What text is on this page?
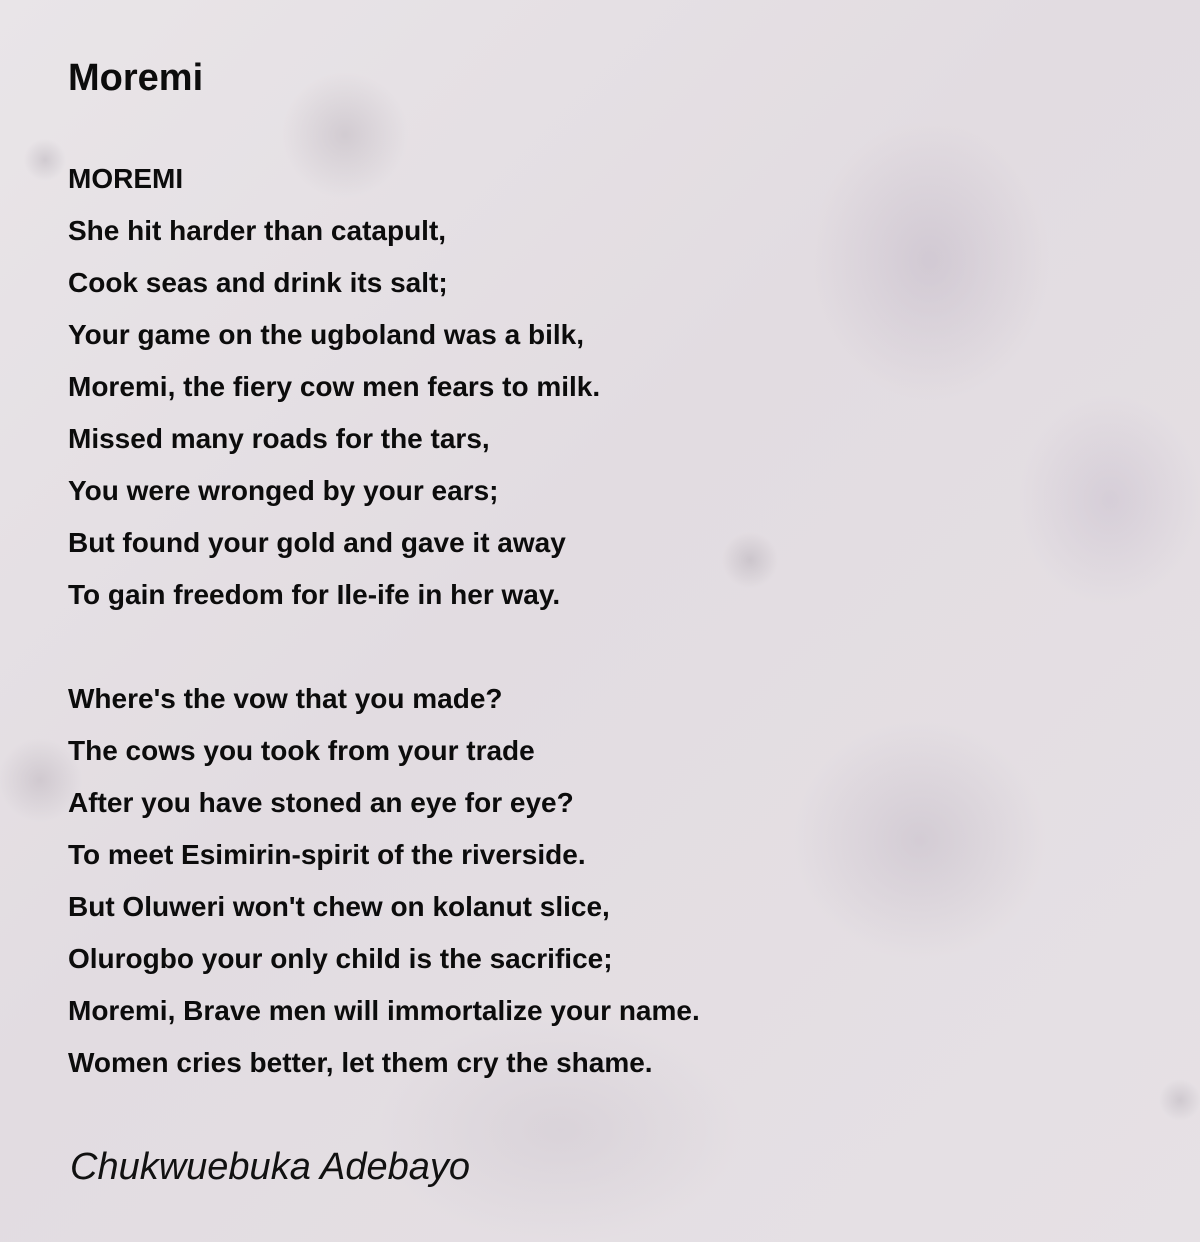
Moremi
MOREMI
She hit harder than catapult,
Cook seas and drink its salt;
Your game on the ugboland was a bilk,
Moremi, the fiery cow men fears to milk.
Missed many roads for the tars,
You were wronged by your ears;
But found your gold and gave it away
To gain freedom for Ile-ife in her way.
Where's the vow that you made?
The cows you took from your trade
After you have stoned an eye for eye?
To meet Esimirin-spirit of the riverside.
But Oluweri won't chew on kolanut slice,
Olurogbo your only child is the sacrifice;
Moremi, Brave men will immortalize your name.
Women cries better, let them cry the shame.
Chukwuebuka Adebayo
